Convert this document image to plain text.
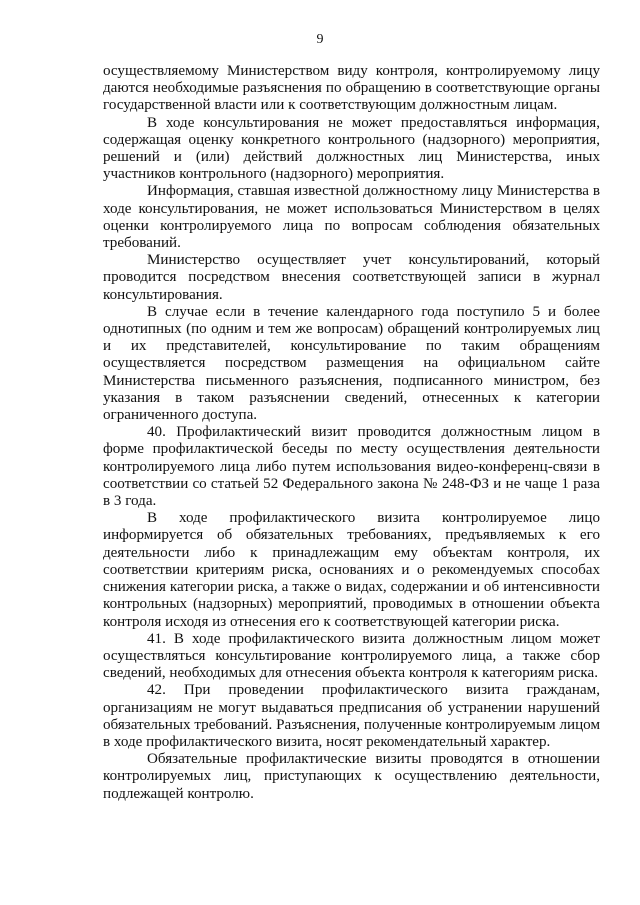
9

осуществляемому Министерством виду контроля, контролируемому лицу даются необходимые разъяснения по обращению в соответствующие органы государственной власти или к соответствующим должностным лицам.

В ходе консультирования не может предоставляться информация, содержащая оценку конкретного контрольного (надзорного) мероприятия, решений и (или) действий должностных лиц Министерства, иных участников контрольного (надзорного) мероприятия.

Информация, ставшая известной должностному лицу Министерства в ходе консультирования, не может использоваться Министерством в целях оценки контролируемого лица по вопросам соблюдения обязательных требований.

Министерство осуществляет учет консультирований, который проводится посредством внесения соответствующей записи в журнал консультирования.

В случае если в течение календарного года поступило 5 и более однотипных (по одним и тем же вопросам) обращений контролируемых лиц и их представителей, консультирование по таким обращениям осуществляется посредством размещения на официальном сайте Министерства письменного разъяснения, подписанного министром, без указания в таком разъяснении сведений, отнесенных к категории ограниченного доступа.

40. Профилактический визит проводится должностным лицом в форме профилактической беседы по месту осуществления деятельности контролируемого лица либо путем использования видео-конференц-связи в соответствии со статьей 52 Федерального закона № 248-ФЗ и не чаще 1 раза в 3 года.

В ходе профилактического визита контролируемое лицо информируется об обязательных требованиях, предъявляемых к его деятельности либо к принадлежащим ему объектам контроля, их соответствии критериям риска, основаниях и о рекомендуемых способах снижения категории риска, а также о видах, содержании и об интенсивности контрольных (надзорных) мероприятий, проводимых в отношении объекта контроля исходя из отнесения его к соответствующей категории риска.

41. В ходе профилактического визита должностным лицом может осуществляться консультирование контролируемого лица, а также сбор сведений, необходимых для отнесения объекта контроля к категориям риска.

42. При проведении профилактического визита гражданам, организациям не могут выдаваться предписания об устранении нарушений обязательных требований. Разъяснения, полученные контролируемым лицом в ходе профилактического визита, носят рекомендательный характер.

Обязательные профилактические визиты проводятся в отношении контролируемых лиц, приступающих к осуществлению деятельности, подлежащей контролю.
